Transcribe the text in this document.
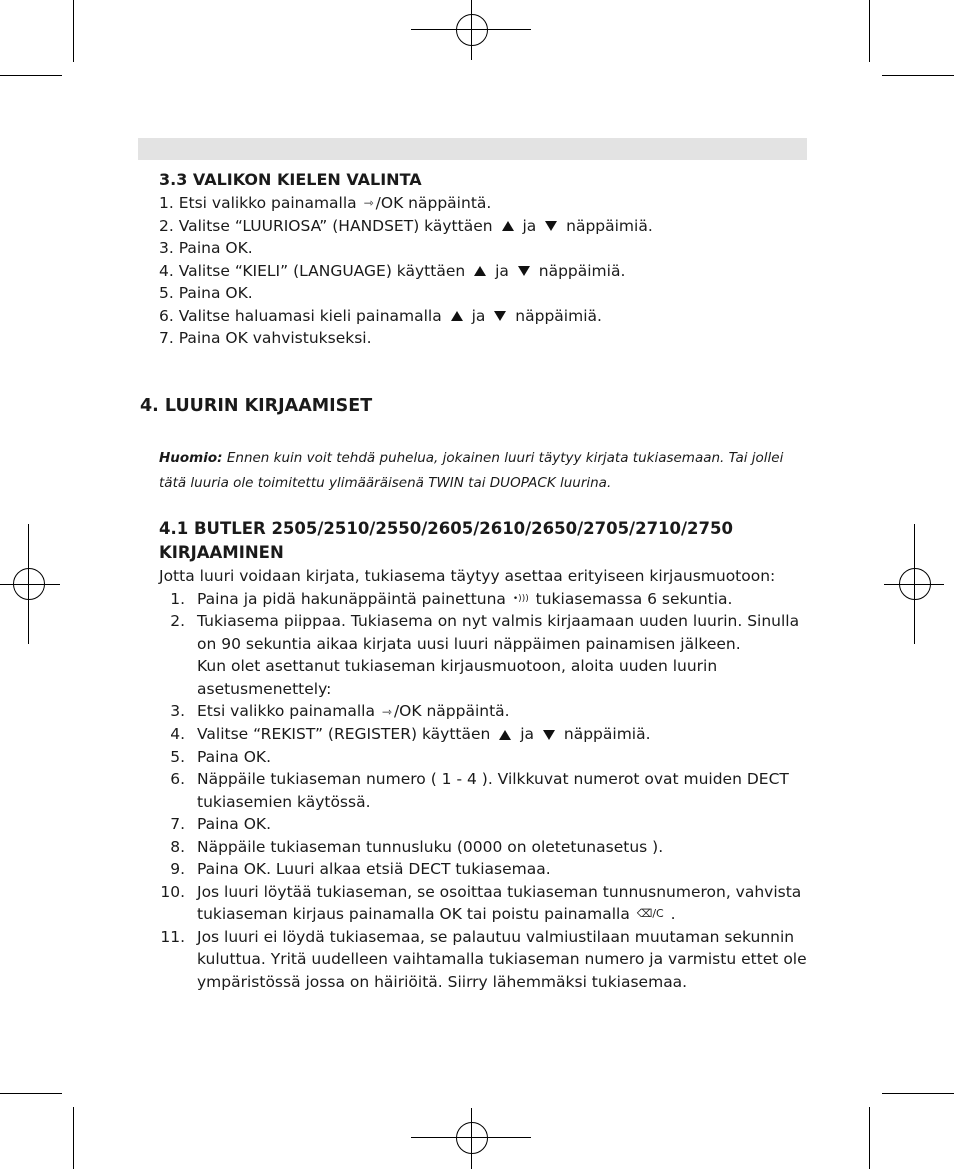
3.3 VALIKON KIELEN VALINTA
1. Etsi valikko painamalla ⇾ /OK näppäintä.
2. Valitse “LUURIOSA” (HANDSET) käyttäen ja näppäimiä.
3. Paina OK.
4. Valitse “KIELI” (LANGUAGE) käyttäen ja näppäimiä.
5. Paina OK.
6. Valitse haluamasi kieli painamalla ja näppäimiä.
7. Paina OK vahvistukseksi.
4. LUURIN KIRJAAMISET
Huomio: Ennen kuin voit tehdä puhelua, jokainen luuri täytyy kirjata tukiasemaan. Tai jollei
tätä luuria ole toimitettu ylimääräisenä TWIN tai DUOPACK luurina.
4.1 BUTLER 2505/2510/2550/2605/2610/2650/2705/2710/2750
KIRJAAMINEN
Jotta luuri voidaan kirjata, tukiasema täytyy asettaa erityiseen kirjausmuotoon:
1. Paina ja pidä hakunäppäintä painettuna •))) tukiasemassa 6 sekuntia.
2. Tukiasema piippaa. Tukiasema on nyt valmis kirjaamaan uuden luurin. Sinulla
on 90 sekuntia aikaa kirjata uusi luuri näppäimen painamisen jälkeen.
Kun olet asettanut tukiaseman kirjausmuotoon, aloita uuden luurin
asetusmenettely:
3. Etsi valikko painamalla ⇾ /OK näppäintä.
4. Valitse “REKIST” (REGISTER) käyttäen ja näppäimiä.
5. Paina OK.
6. Näppäile tukiaseman numero ( 1 - 4 ). Vilkkuvat numerot ovat muiden DECT
tukiasemien käytössä.
7. Paina OK.
8. Näppäile tukiaseman tunnusluku (0000 on oletetunasetus ).
9. Paina OK. Luuri alkaa etsiä DECT tukiasemaa.
10. Jos luuri löytää tukiaseman, se osoittaa tukiaseman tunnusnumeron, vahvista
tukiaseman kirjaus painamalla OK tai poistu painamalla ⌫/C .
11. Jos luuri ei löydä tukiasemaa, se palautuu valmiustilaan muutaman sekunnin
kuluttua. Yritä uudelleen vaihtamalla tukiaseman numero ja varmistu ettet ole
ympäristössä jossa on häiriöitä. Siirry lähemmäksi tukiasemaa.
